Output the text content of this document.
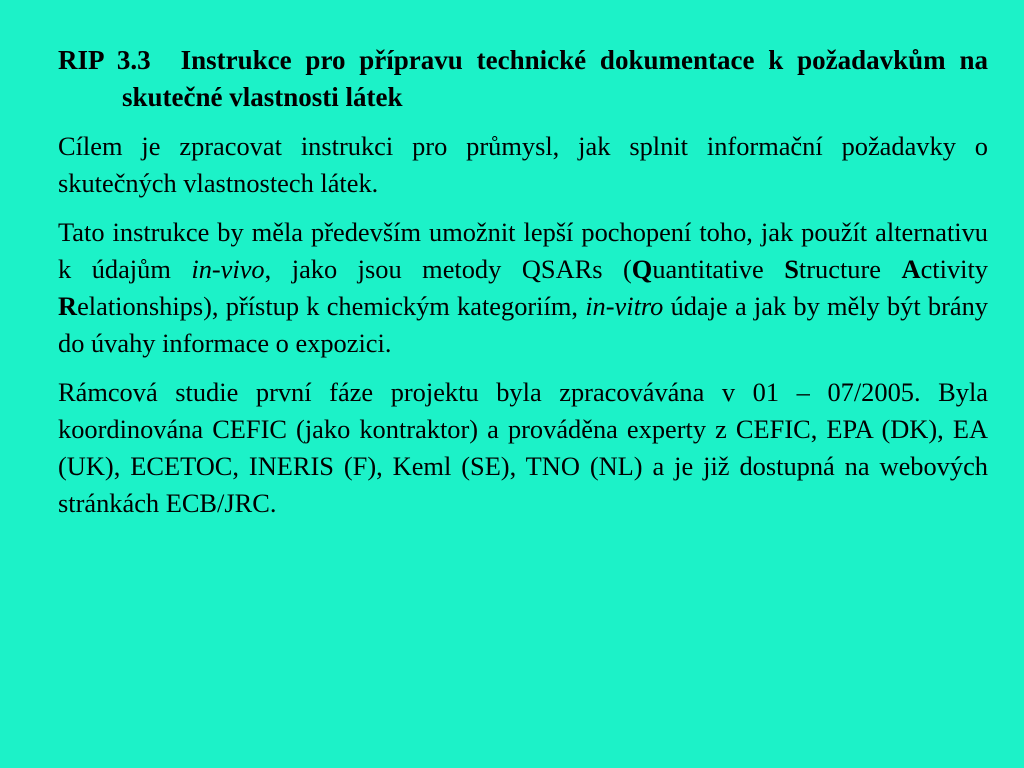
RIP 3.3 Instrukce pro přípravu technické dokumentace k požadavkům na skutečné vlastnosti látek

Cílem je zpracovat instrukci pro průmysl, jak splnit informační požadavky o skutečných vlastnostech látek.

Tato instrukce by měla především umožnit lepší pochopení toho, jak použít alternativu k údajům in-vivo, jako jsou metody QSARs (Quantitative Structure Activity Relationships), přístup k chemickým kategoriím, in-vitro údaje a jak by měly být brány do úvahy informace o expozici.

Rámcová studie první fáze projektu byla zpracovávána v 01 – 07/2005. Byla koordinována CEFIC (jako kontraktor) a prováděna experty z CEFIC, EPA (DK), EA (UK), ECETOC, INERIS (F), Keml (SE), TNO (NL) a je již dostupná na webových stránkách ECB/JRC.
